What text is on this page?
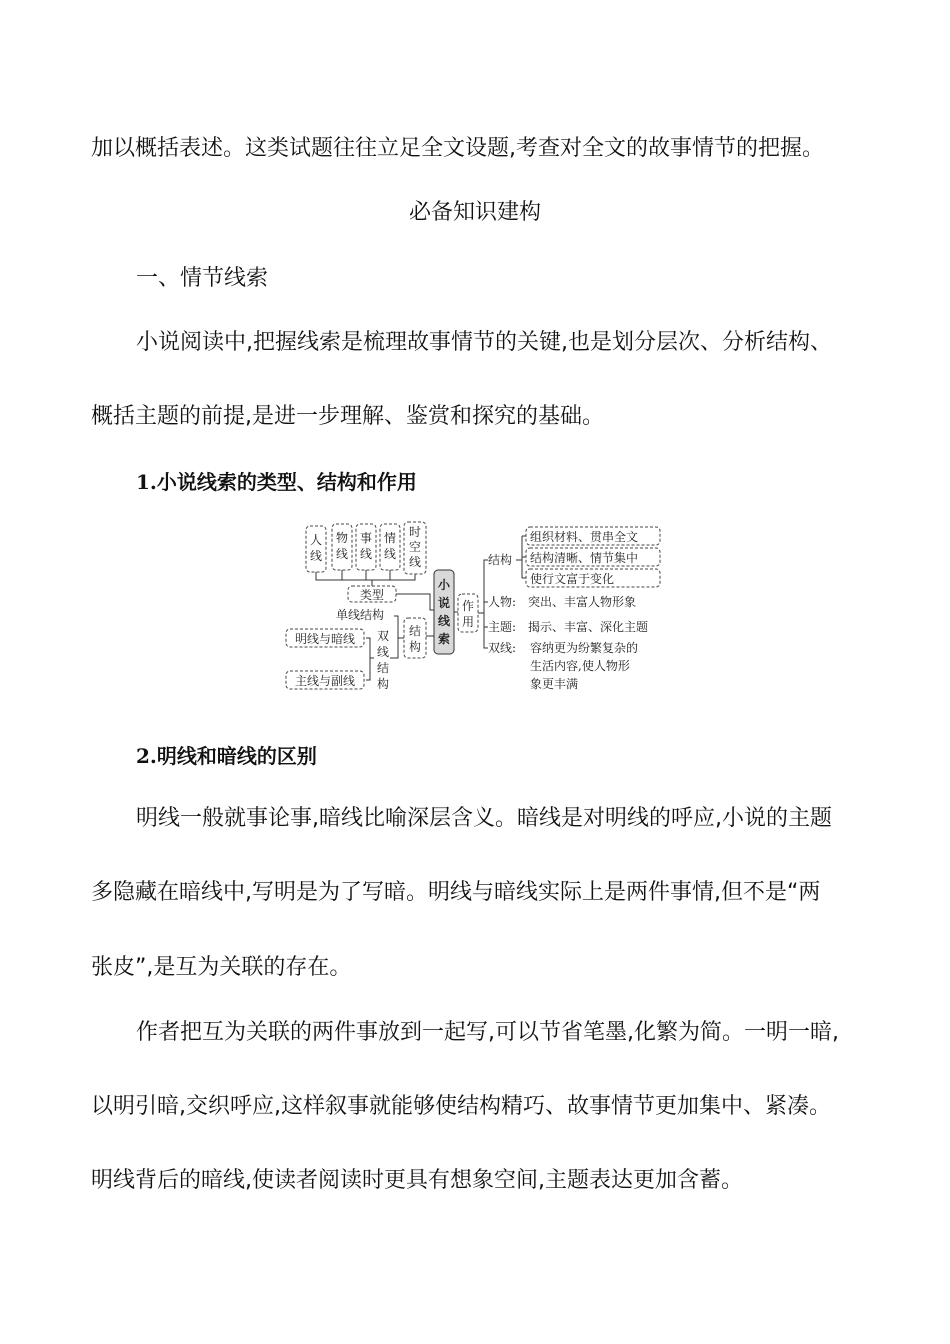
加以概括表述。这类试题往往立足全文设题,考查对全文的故事情节的把握。
必备知识建构
一、情节线索
小说阅读中,把握线索是梳理故事情节的关键,也是划分层次、分析结构、
概括主题的前提,是进一步理解、鉴赏和探究的基础。
1.小说线索的类型、结构和作用
人
线
物
线
事
线
情
线
时
空
线
类型
小
说
线
索
结
构
单线结构
双
线
结
构
明线与暗线
主线与副线
作
用
结构
组织材料、贯串全文
结构清晰、情节集中
使行文富于变化
人物: 突出、丰富人物形象
主题: 揭示、丰富、深化主题
双线: 容纳更为纷繁复杂的
生活内容,使人物形
象更丰满
2.明线和暗线的区别
明线一般就事论事,暗线比喻深层含义。暗线是对明线的呼应,小说的主题
多隐藏在暗线中,写明是为了写暗。明线与暗线实际上是两件事情,但不是“两
张皮”,是互为关联的存在。
作者把互为关联的两件事放到一起写,可以节省笔墨,化繁为简。一明一暗,
以明引暗,交织呼应,这样叙事就能够使结构精巧、故事情节更加集中、紧凑。
明线背后的暗线,使读者阅读时更具有想象空间,主题表达更加含蓄。
